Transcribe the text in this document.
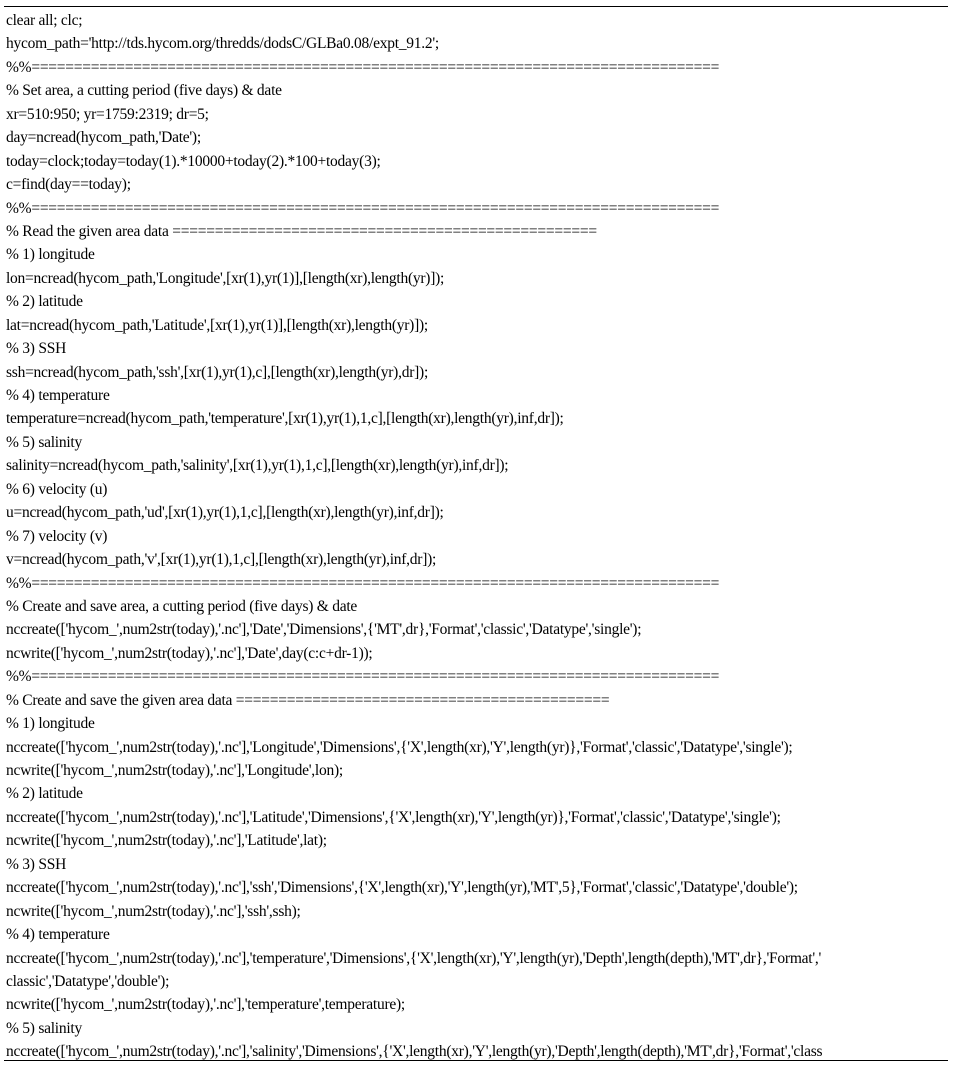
clear all; clc;
hycom_path='http://tds.hycom.org/thredds/dodsC/GLBa0.08/expt_91.2';
%%=================================================================================
% Set area, a cutting period (five days) & date
xr=510:950; yr=1759:2319; dr=5;
day=ncread(hycom_path,'Date');
today=clock;today=today(1).*10000+today(2).*100+today(3);
c=find(day==today);
%%=================================================================================
% Read the given area data ==================================================
% 1) longitude
lon=ncread(hycom_path,'Longitude',[xr(1),yr(1)],[length(xr),length(yr)]);
% 2) latitude
lat=ncread(hycom_path,'Latitude',[xr(1),yr(1)],[length(xr),length(yr)]);
% 3) SSH
ssh=ncread(hycom_path,'ssh',[xr(1),yr(1),c],[length(xr),length(yr),dr]);
% 4) temperature
temperature=ncread(hycom_path,'temperature',[xr(1),yr(1),1,c],[length(xr),length(yr),inf,dr]);
% 5) salinity
salinity=ncread(hycom_path,'salinity',[xr(1),yr(1),1,c],[length(xr),length(yr),inf,dr]);
% 6) velocity (u)
u=ncread(hycom_path,'ud',[xr(1),yr(1),1,c],[length(xr),length(yr),inf,dr]);
% 7) velocity (v)
v=ncread(hycom_path,'v',[xr(1),yr(1),1,c],[length(xr),length(yr),inf,dr]);
%%=================================================================================
% Create and save area, a cutting period (five days) & date
nccreate(['hycom_',num2str(today),'.nc'],'Date','Dimensions',{'MT',dr},'Format','classic','Datatype','single');
ncwrite(['hycom_',num2str(today),'.nc'],'Date',day(c:c+dr-1));
%%=================================================================================
% Create and save the given area data ============================================
% 1) longitude
nccreate(['hycom_',num2str(today),'.nc'],'Longitude','Dimensions',{'X',length(xr),'Y',length(yr)},'Format','classic','Datatype','single');
ncwrite(['hycom_',num2str(today),'.nc'],'Longitude',lon);
% 2) latitude
nccreate(['hycom_',num2str(today),'.nc'],'Latitude','Dimensions',{'X',length(xr),'Y',length(yr)},'Format','classic','Datatype','single');
ncwrite(['hycom_',num2str(today),'.nc'],'Latitude',lat);
% 3) SSH
nccreate(['hycom_',num2str(today),'.nc'],'ssh','Dimensions',{'X',length(xr),'Y',length(yr),'MT',5},'Format','classic','Datatype','double');
ncwrite(['hycom_',num2str(today),'.nc'],'ssh',ssh);
% 4) temperature
nccreate(['hycom_',num2str(today),'.nc'],'temperature','Dimensions',{'X',length(xr),'Y',length(yr),'Depth',length(depth),'MT',dr},'Format','
classic','Datatype','double');
ncwrite(['hycom_',num2str(today),'.nc'],'temperature',temperature);
% 5) salinity
nccreate(['hycom_',num2str(today),'.nc'],'salinity','Dimensions',{'X',length(xr),'Y',length(yr),'Depth',length(depth),'MT',dr},'Format','class
